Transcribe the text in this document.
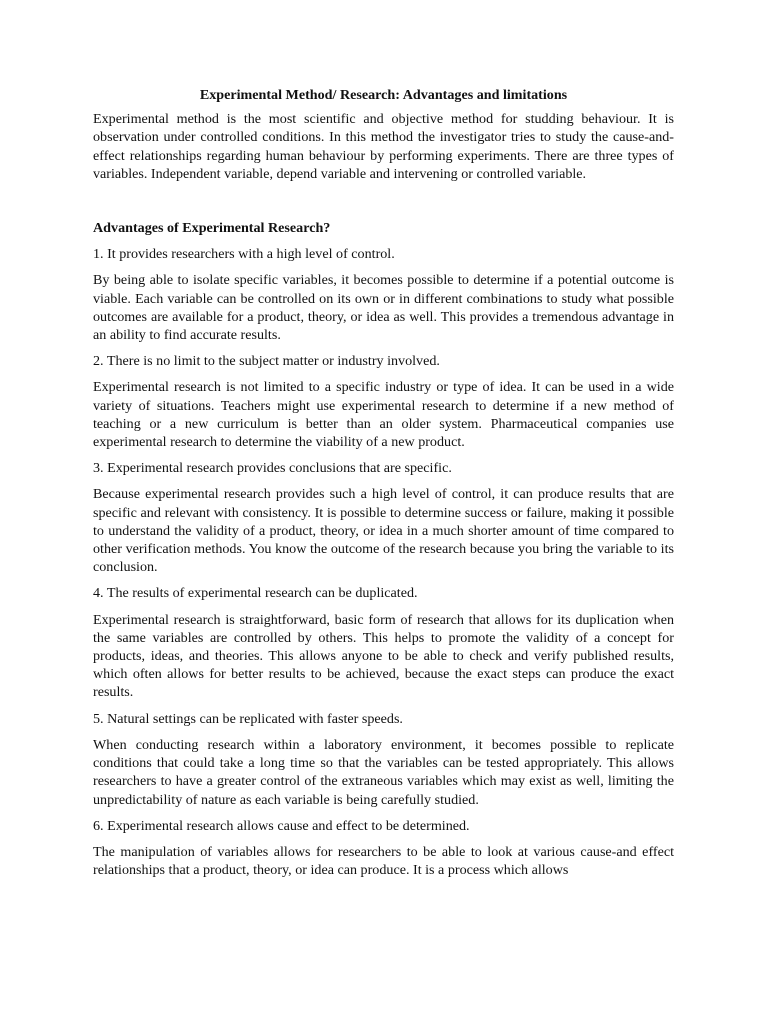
Experimental Method/ Research: Advantages and limitations
Experimental method is the most scientific and objective method for studding behaviour. It is observation under controlled conditions. In this method the investigator tries to study the cause-and-effect relationships regarding human behaviour by performing experiments. There are three types of variables. Independent variable, depend variable and intervening or controlled variable.
Advantages of Experimental Research?
1. It provides researchers with a high level of control.
By being able to isolate specific variables, it becomes possible to determine if a potential outcome is viable. Each variable can be controlled on its own or in different combinations to study what possible outcomes are available for a product, theory, or idea as well. This provides a tremendous advantage in an ability to find accurate results.
2. There is no limit to the subject matter or industry involved.
Experimental research is not limited to a specific industry or type of idea. It can be used in a wide variety of situations. Teachers might use experimental research to determine if a new method of teaching or a new curriculum is better than an older system. Pharmaceutical companies use experimental research to determine the viability of a new product.
3. Experimental research provides conclusions that are specific.
Because experimental research provides such a high level of control, it can produce results that are specific and relevant with consistency. It is possible to determine success or failure, making it possible to understand the validity of a product, theory, or idea in a much shorter amount of time compared to other verification methods. You know the outcome of the research because you bring the variable to its conclusion.
4. The results of experimental research can be duplicated.
Experimental research is straightforward, basic form of research that allows for its duplication when the same variables are controlled by others. This helps to promote the validity of a concept for products, ideas, and theories. This allows anyone to be able to check and verify published results, which often allows for better results to be achieved, because the exact steps can produce the exact results.
5. Natural settings can be replicated with faster speeds.
When conducting research within a laboratory environment, it becomes possible to replicate conditions that could take a long time so that the variables can be tested appropriately. This allows researchers to have a greater control of the extraneous variables which may exist as well, limiting the unpredictability of nature as each variable is being carefully studied.
6. Experimental research allows cause and effect to be determined.
The manipulation of variables allows for researchers to be able to look at various cause-and effect relationships that a product, theory, or idea can produce. It is a process which allows
